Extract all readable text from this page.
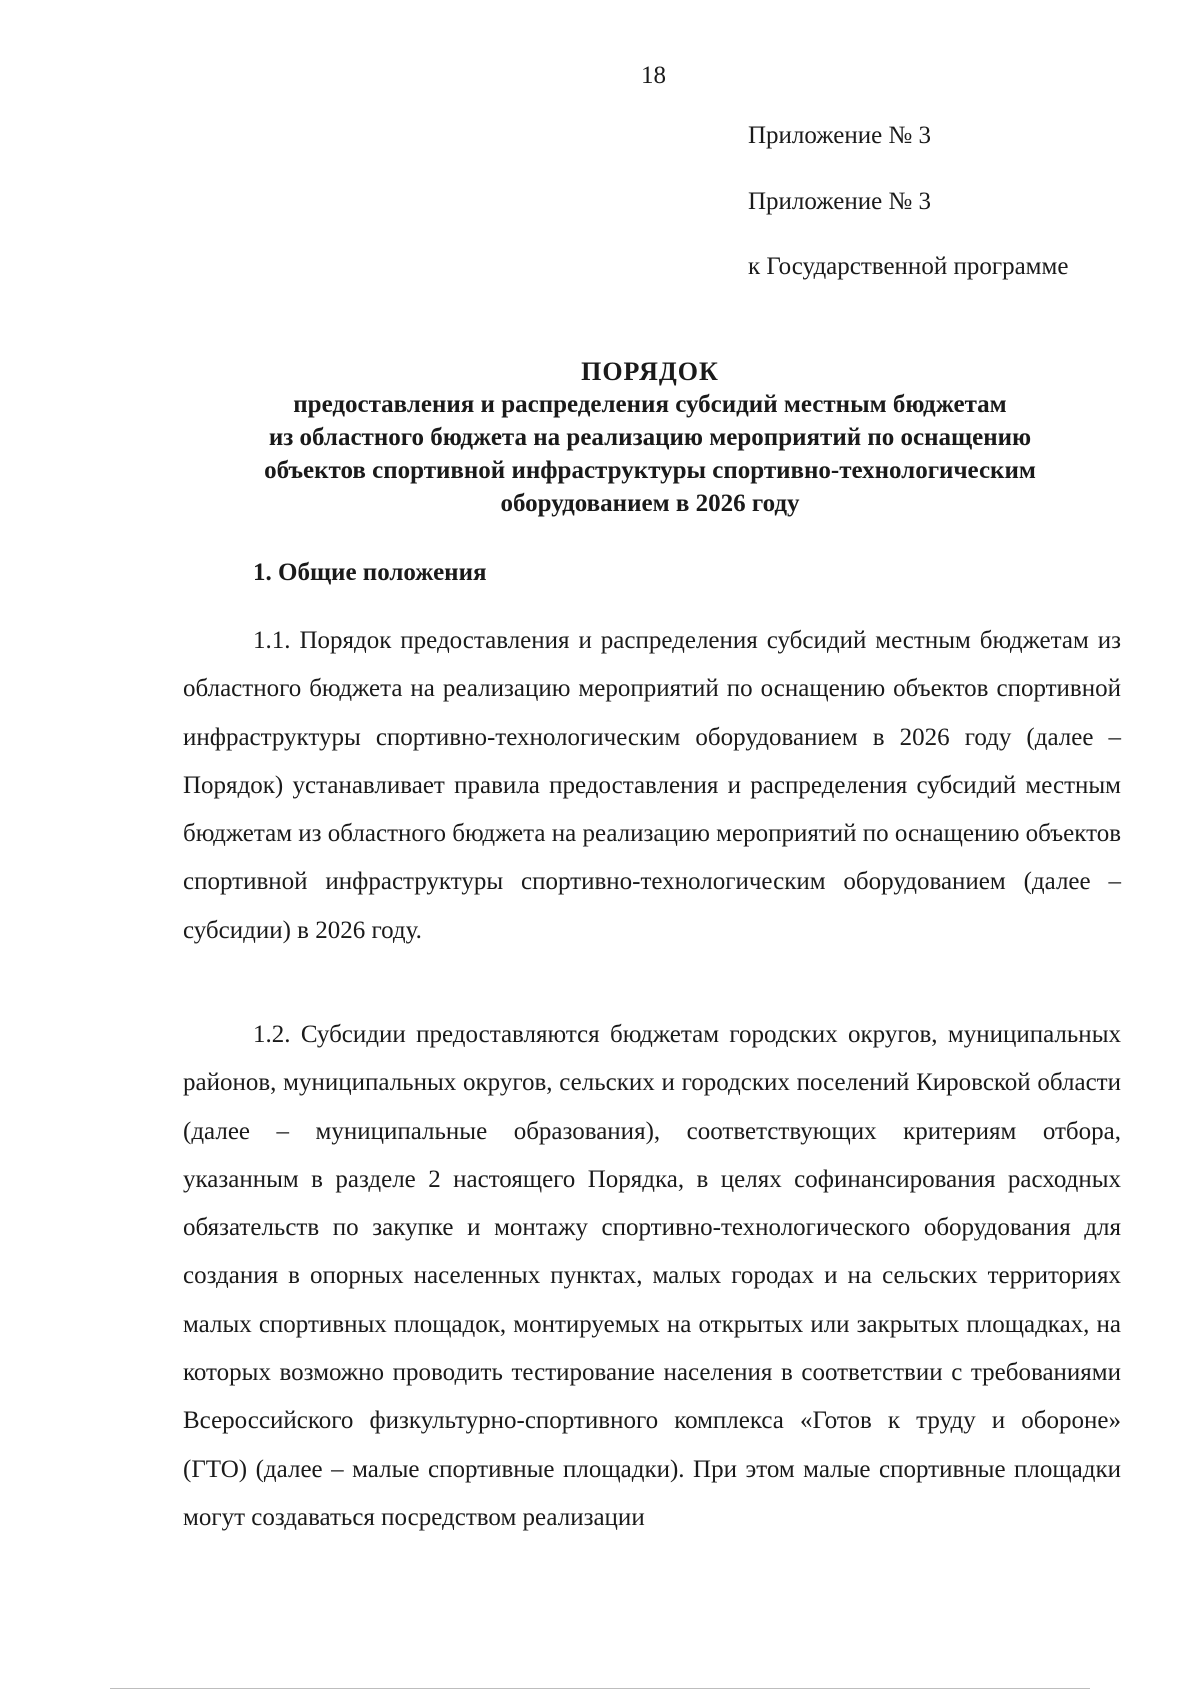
18
Приложение № 3
Приложение № 3
к Государственной программе
ПОРЯДОК
предоставления и распределения субсидий местным бюджетам
из областного бюджета на реализацию мероприятий по оснащению
объектов спортивной инфраструктуры спортивно-технологическим
оборудованием в 2026 году
1. Общие положения

1.1. Порядок предоставления и распределения субсидий местным бюджетам из областного бюджета на реализацию мероприятий по оснащению объектов спортивной инфраструктуры спортивно-технологическим оборудованием в 2026 году (далее – Порядок) устанавливает правила предоставления и распределения субсидий местным бюджетам из областного бюджета на реализацию мероприятий по оснащению объектов спортивной инфраструктуры спортивно-технологическим оборудованием (далее – субсидии) в 2026 году.

1.2. Субсидии предоставляются бюджетам городских округов, муниципальных районов, муниципальных округов, сельских и городских поселений Кировской области (далее – муниципальные образования), соответствующих критериям отбора, указанным в разделе 2 настоящего Порядка, в целях софинансирования расходных обязательств по закупке и монтажу спортивно-технологического оборудования для создания в опорных населенных пунктах, малых городах и на сельских территориях малых спортивных площадок, монтируемых на открытых или закрытых площадках, на которых возможно проводить тестирование населения в соответствии с требованиями Всероссийского физкультурно-спортивного комплекса «Готов к труду и обороне» (ГТО) (далее – малые спортивные площадки). При этом малые спортивные площадки могут создаваться посредством реализации
